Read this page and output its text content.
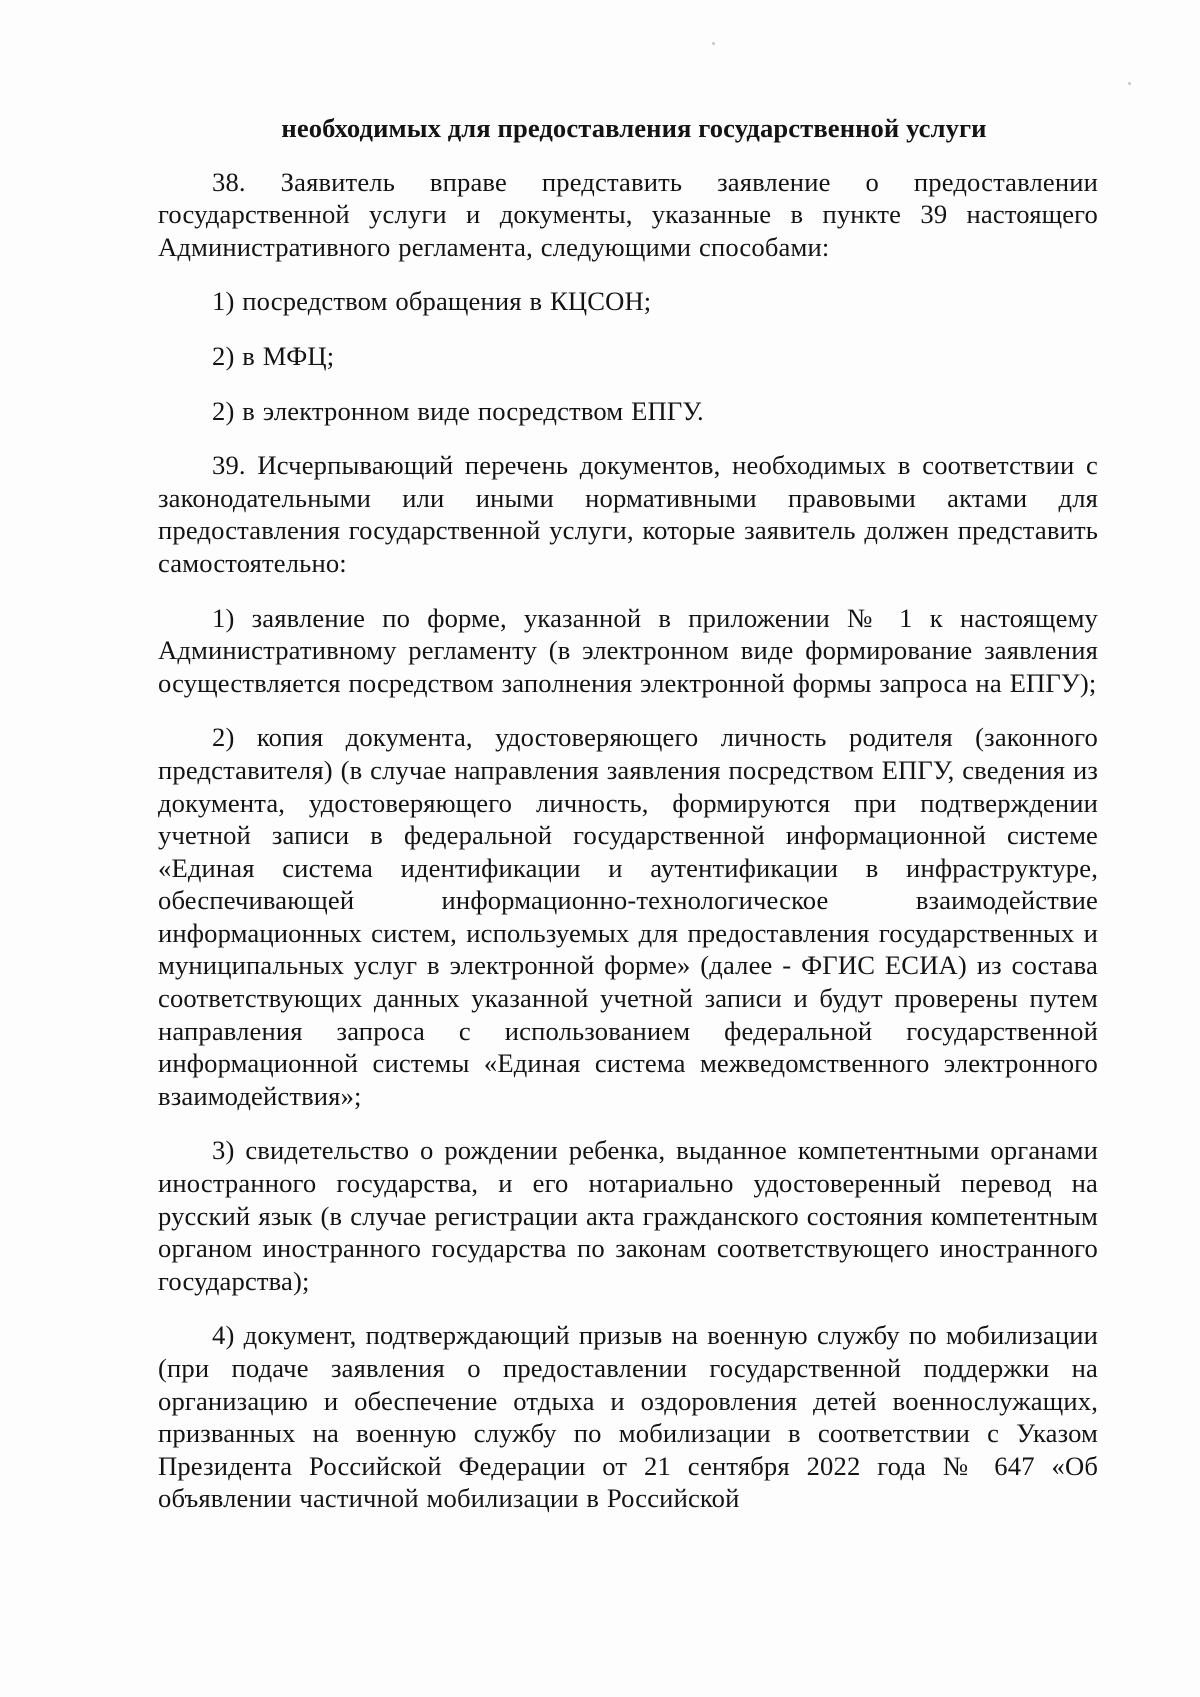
необходимых для предоставления государственной услуги

38. Заявитель вправе представить заявление о предоставлении государственной услуги и документы, указанные в пункте 39 настоящего Административного регламента, следующими способами:

1) посредством обращения в КЦСОН;

2) в МФЦ;

2) в электронном виде посредством ЕПГУ.

39. Исчерпывающий перечень документов, необходимых в соответствии с законодательными или иными нормативными правовыми актами для предоставления государственной услуги, которые заявитель должен представить самостоятельно:

1) заявление по форме, указанной в приложении № 1 к настоящему Административному регламенту (в электронном виде формирование заявления осуществляется посредством заполнения электронной формы запроса на ЕПГУ);

2) копия документа, удостоверяющего личность родителя (законного представителя) (в случае направления заявления посредством ЕПГУ, сведения из документа, удостоверяющего личность, формируются при подтверждении учетной записи в федеральной государственной информационной системе «Единая система идентификации и аутентификации в инфраструктуре, обеспечивающей информационно-технологическое взаимодействие информационных систем, используемых для предоставления государственных и муниципальных услуг в электронной форме» (далее - ФГИС ЕСИА) из состава соответствующих данных указанной учетной записи и будут проверены путем направления запроса с использованием федеральной государственной информационной системы «Единая система межведомственного электронного взаимодействия»;

3) свидетельство о рождении ребенка, выданное компетентными органами иностранного государства, и его нотариально удостоверенный перевод на русский язык (в случае регистрации акта гражданского состояния компетентным органом иностранного государства по законам соответствующего иностранного государства);

4) документ, подтверждающий призыв на военную службу по мобилизации (при подаче заявления о предоставлении государственной поддержки на организацию и обеспечение отдыха и оздоровления детей военнослужащих, призванных на военную службу по мобилизации в соответствии с Указом Президента Российской Федерации от 21 сентября 2022 года № 647 «Об объявлении частичной мобилизации в Российской
